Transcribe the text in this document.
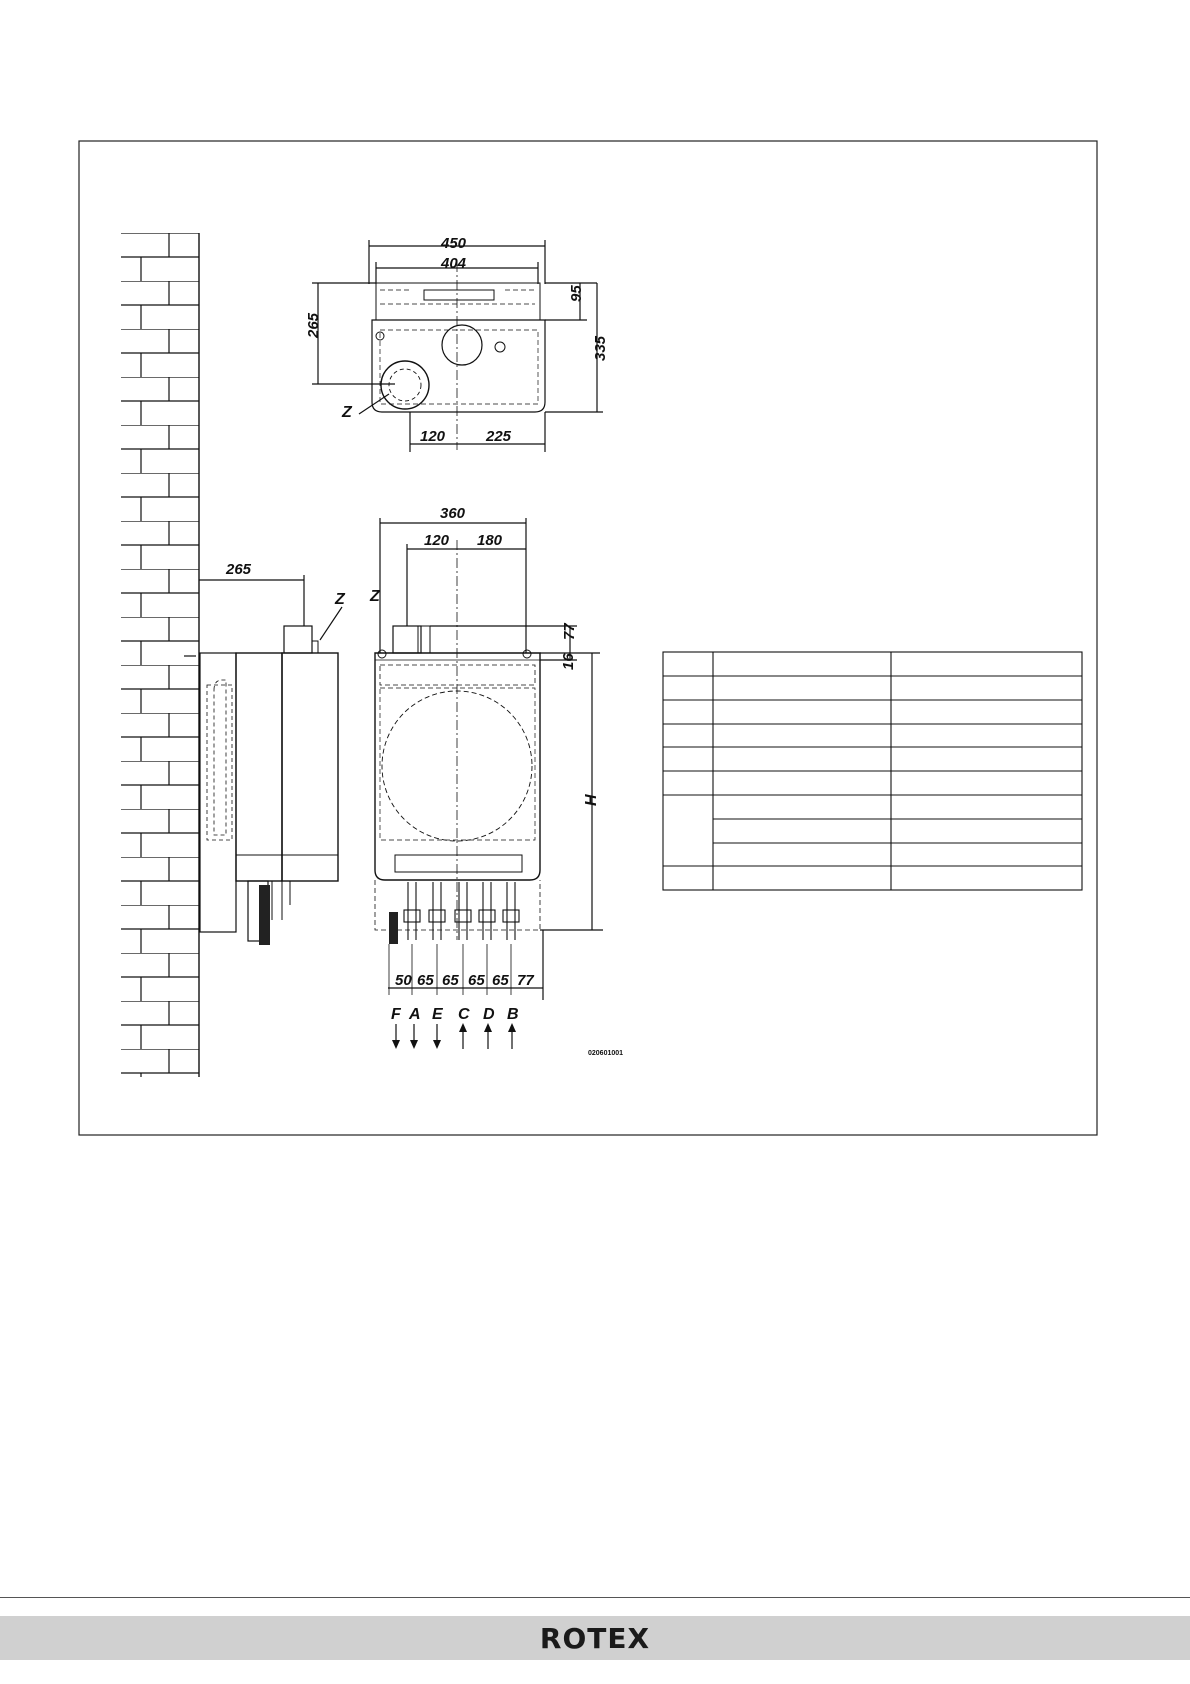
450
404
265
95
335
120	225
Z
265
Z
360
120 180
Z
77
16
H
50 65 65 65 65 77
F A E C D B
020601001
ROTEX
